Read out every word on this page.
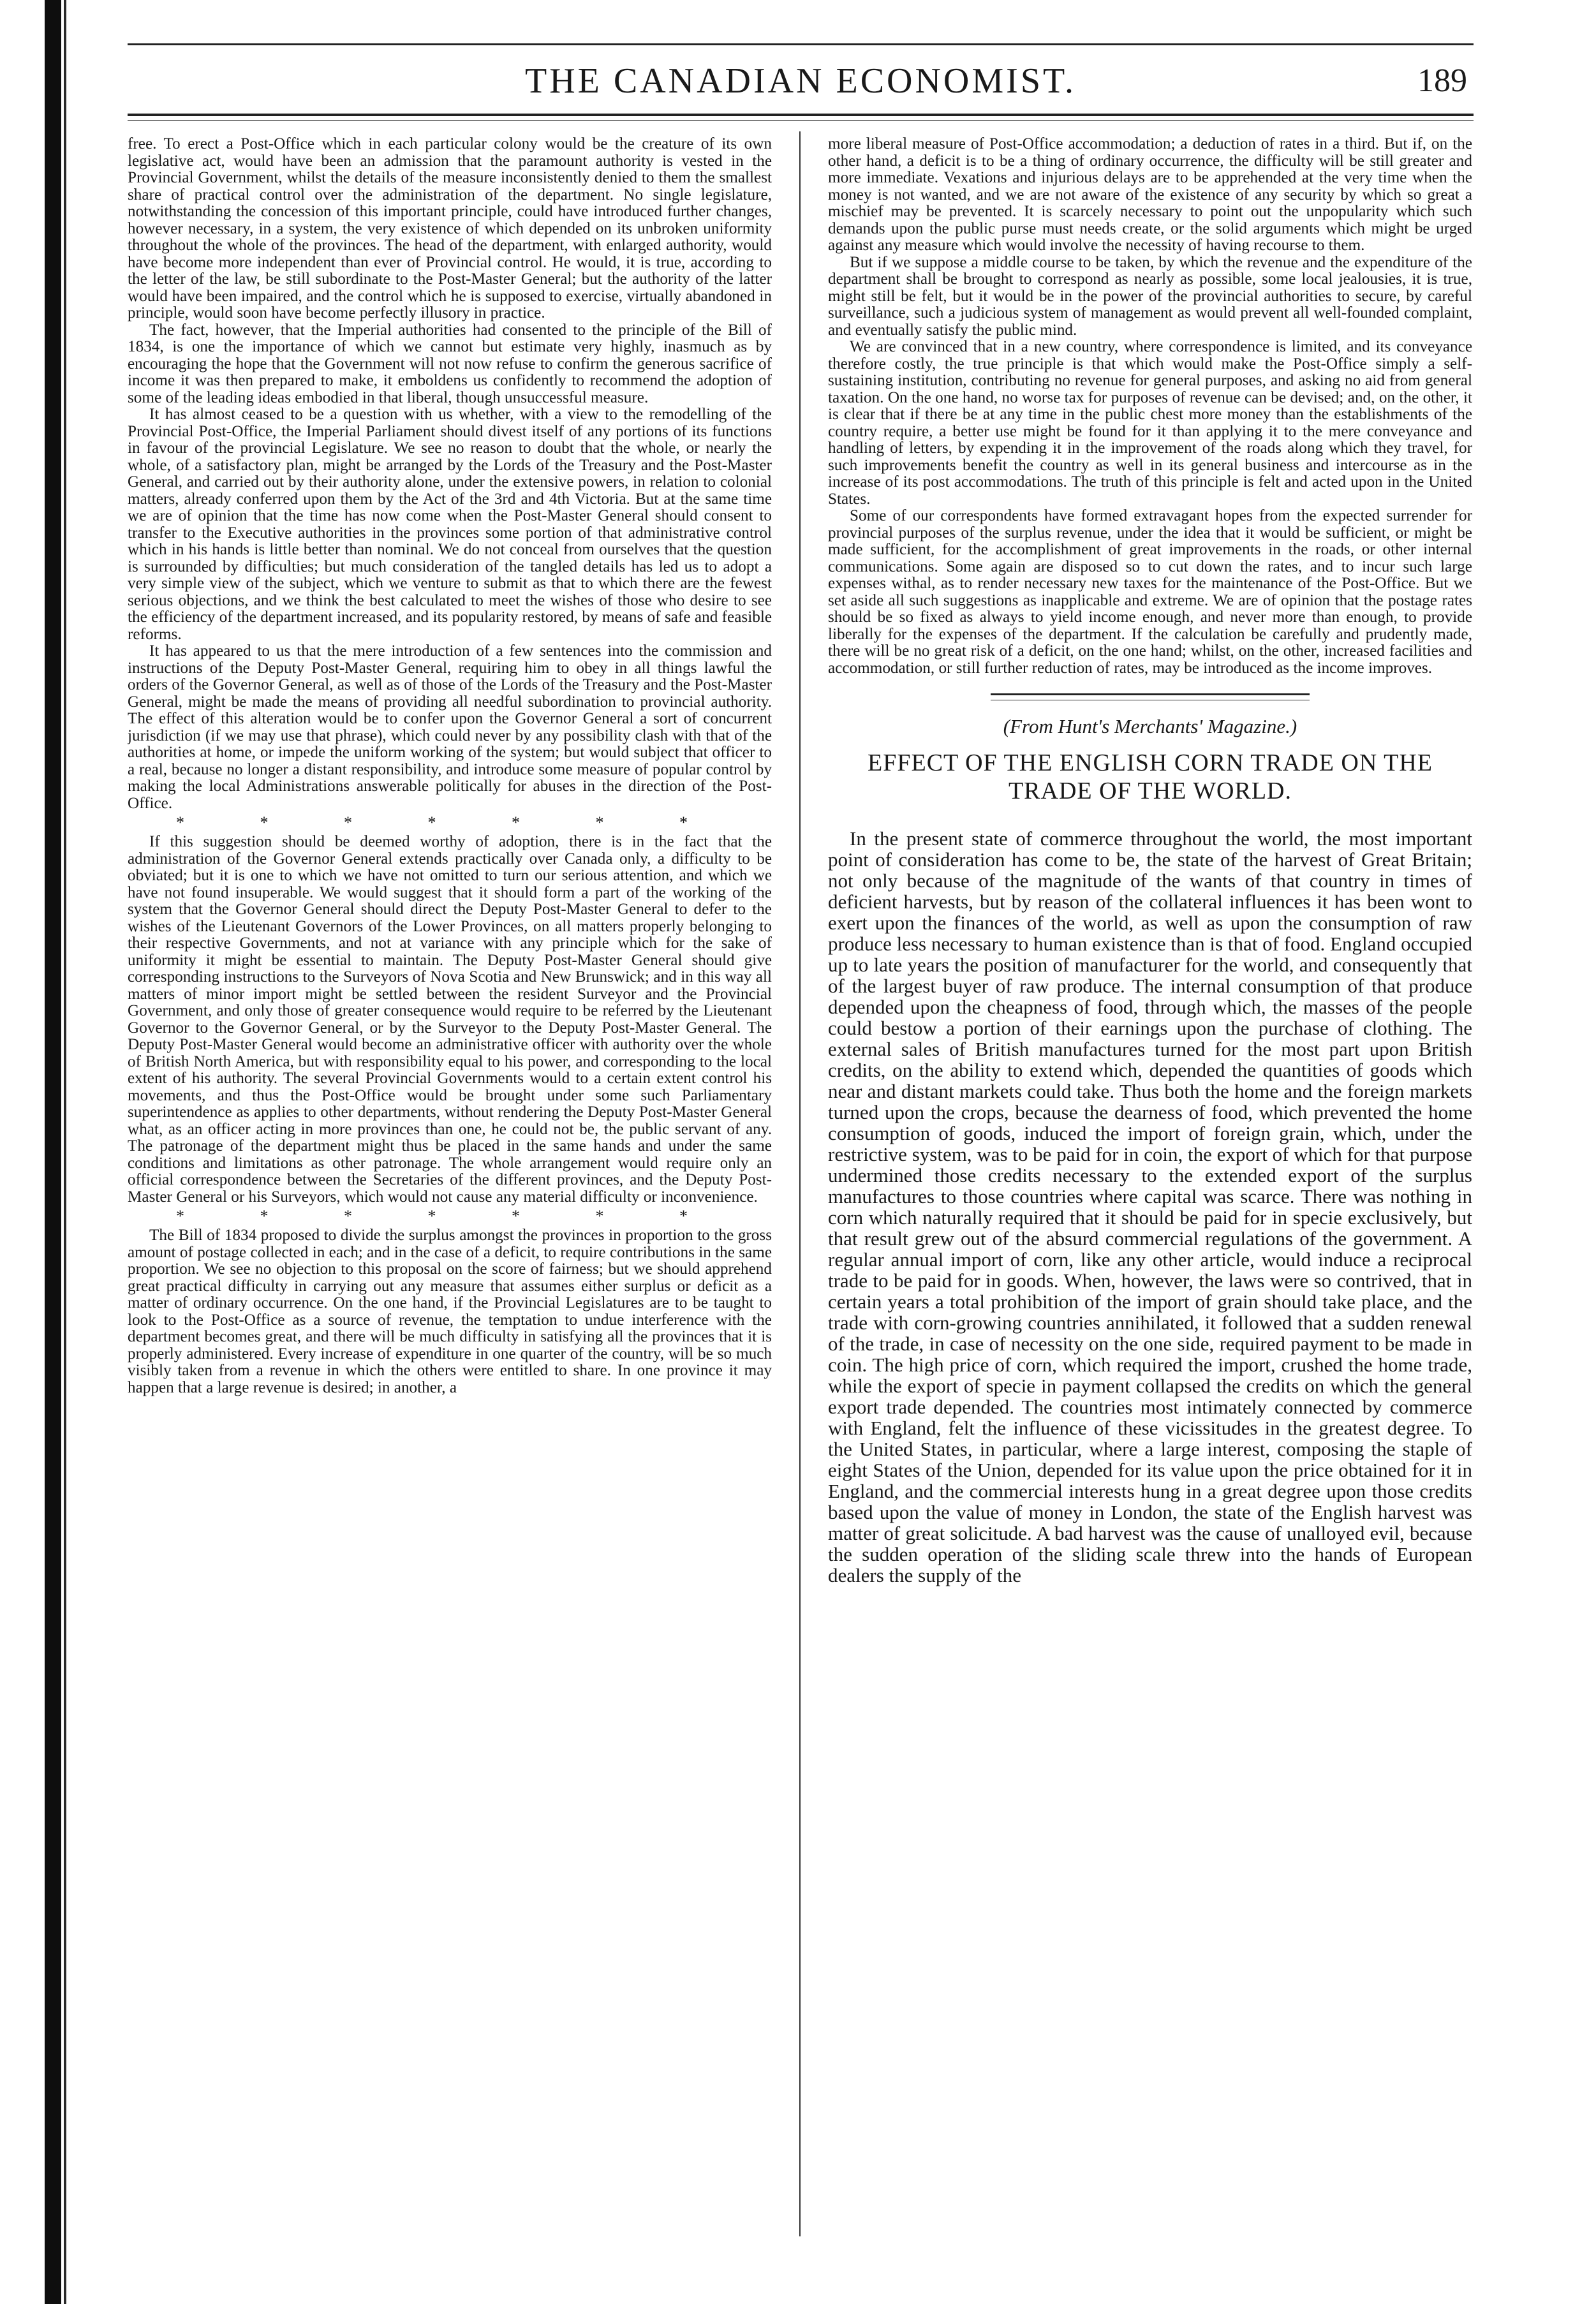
THE CANADIAN ECONOMIST.	189

free. To erect a Post-Office which in each particular colony would be the creature of its own legislative act, would have been an admission that the paramount authority is vested in the Provincial Government, whilst the details of the measure inconsistently denied to them the smallest share of practical control over the administration of the department. No single legislature, notwithstanding the concession of this important principle, could have introduced further changes, however necessary, in a system, the very existence of which depended on its unbroken uniformity throughout the whole of the provinces. The head of the department, with enlarged authority, would have become more independent than ever of Provincial control. He would, it is true, according to the letter of the law, be still subordinate to the Post-Master General; but the authority of the latter would have been impaired, and the control which he is supposed to exercise, virtually abandoned in principle, would soon have become perfectly illusory in practice.

The fact, however, that the Imperial authorities had consented to the principle of the Bill of 1834, is one the importance of which we cannot but estimate very highly, inasmuch as by encouraging the hope that the Government will not now refuse to confirm the generous sacrifice of income it was then prepared to make, it emboldens us confidently to recommend the adoption of some of the leading ideas embodied in that liberal, though unsuccessful measure.

It has almost ceased to be a question with us whether, with a view to the remodelling of the Provincial Post-Office, the Imperial Parliament should divest itself of any portions of its functions in favour of the provincial Legislature. We see no reason to doubt that the whole, or nearly the whole, of a satisfactory plan, might be arranged by the Lords of the Treasury and the Post-Master General, and carried out by their authority alone, under the extensive powers, in relation to colonial matters, already conferred upon them by the Act of the 3rd and 4th Victoria. But at the same time we are of opinion that the time has now come when the Post-Master General should consent to transfer to the Executive authorities in the provinces some portion of that administrative control which in his hands is little better than nominal. We do not conceal from ourselves that the question is surrounded by difficulties; but much consideration of the tangled details has led us to adopt a very simple view of the subject, which we venture to submit as that to which there are the fewest serious objections, and we think the best calculated to meet the wishes of those who desire to see the efficiency of the department increased, and its popularity restored, by means of safe and feasible reforms.

It has appeared to us that the mere introduction of a few sentences into the commission and instructions of the Deputy Post-Master General, requiring him to obey in all things lawful the orders of the Governor General, as well as of those of the Lords of the Treasury and the Post-Master General, might be made the means of providing all needful subordination to provincial authority. The effect of this alteration would be to confer upon the Governor General a sort of concurrent jurisdiction (if we may use that phrase), which could never by any possibility clash with that of the authorities at home, or impede the uniform working of the system; but would subject that officer to a real, because no longer a distant responsibility, and introduce some measure of popular control by making the local Administrations answerable politically for abuses in the direction of the Post-Office.

* * * * * * *

If this suggestion should be deemed worthy of adoption, there is in the fact that the administration of the Governor General extends practically over Canada only, a difficulty to be obviated; but it is one to which we have not omitted to turn our serious attention, and which we have not found insuperable. We would suggest that it should form a part of the working of the system that the Governor General should direct the Deputy Post-Master General to defer to the wishes of the Lieutenant Governors of the Lower Provinces, on all matters properly belonging to their respective Governments, and not at variance with any principle which for the sake of uniformity it might be essential to maintain. The Deputy Post-Master General should give corresponding instructions to the Surveyors of Nova Scotia and New Brunswick; and in this way all matters of minor import might be settled between the resident Surveyor and the Provincial Government, and only those of greater consequence would require to be referred by the Lieutenant Governor to the Governor General, or by the Surveyor to the Deputy Post-Master General. The Deputy Post-Master General would become an administrative officer with authority over the whole of British North America, but with responsibility equal to his power, and corresponding to the local extent of his authority. The several Provincial Governments would to a certain extent control his movements, and thus the Post-Office would be brought under some such Parliamentary superintendence as applies to other departments, without rendering the Deputy Post-Master General what, as an officer acting in more provinces than one, he could not be, the public servant of any. The patronage of the department might thus be placed in the same hands and under the same conditions and limitations as other patronage. The whole arrangement would require only an official correspondence between the Secretaries of the different provinces, and the Deputy Post-Master General or his Surveyors, which would not cause any material difficulty or inconvenience.

* * * * * * *

The Bill of 1834 proposed to divide the surplus amongst the provinces in proportion to the gross amount of postage collected in each; and in the case of a deficit, to require contributions in the same proportion. We see no objection to this proposal on the score of fairness; but we should apprehend great practical difficulty in carrying out any measure that assumes either surplus or deficit as a matter of ordinary occurrence. On the one hand, if the Provincial Legislatures are to be taught to look to the Post-Office as a source of revenue, the temptation to undue interference with the department becomes great, and there will be much difficulty in satisfying all the provinces that it is properly administered. Every increase of expenditure in one quarter of the country, will be so much visibly taken from a revenue in which the others were entitled to share. In one province it may happen that a large revenue is desired; in another, a

more liberal measure of Post-Office accommodation; a deduction of rates in a third. But if, on the other hand, a deficit is to be a thing of ordinary occurrence, the difficulty will be still greater and more immediate. Vexations and injurious delays are to be apprehended at the very time when the money is not wanted, and we are not aware of the existence of any security by which so great a mischief may be prevented. It is scarcely necessary to point out the unpopularity which such demands upon the public purse must needs create, or the solid arguments which might be urged against any measure which would involve the necessity of having recourse to them.

But if we suppose a middle course to be taken, by which the revenue and the expenditure of the department shall be brought to correspond as nearly as possible, some local jealousies, it is true, might still be felt, but it would be in the power of the provincial authorities to secure, by careful surveillance, such a judicious system of management as would prevent all well-founded complaint, and eventually satisfy the public mind.

We are convinced that in a new country, where correspondence is limited, and its conveyance therefore costly, the true principle is that which would make the Post-Office simply a self-sustaining institution, contributing no revenue for general purposes, and asking no aid from general taxation. On the one hand, no worse tax for purposes of revenue can be devised; and, on the other, it is clear that if there be at any time in the public chest more money than the establishments of the country require, a better use might be found for it than applying it to the mere conveyance and handling of letters, by expending it in the improvement of the roads along which they travel, for such improvements benefit the country as well in its general business and intercourse as in the increase of its post accommodations. The truth of this principle is felt and acted upon in the United States.

Some of our correspondents have formed extravagant hopes from the expected surrender for provincial purposes of the surplus revenue, under the idea that it would be sufficient, or might be made sufficient, for the accomplishment of great improvements in the roads, or other internal communications. Some again are disposed so to cut down the rates, and to incur such large expenses withal, as to render necessary new taxes for the maintenance of the Post-Office. But we set aside all such suggestions as inapplicable and extreme. We are of opinion that the postage rates should be so fixed as always to yield income enough, and never more than enough, to provide liberally for the expenses of the department. If the calculation be carefully and prudently made, there will be no great risk of a deficit, on the one hand; whilst, on the other, increased facilities and accommodation, or still further reduction of rates, may be introduced as the income improves.

(From Hunt's Merchants' Magazine.)
EFFECT OF THE ENGLISH CORN TRADE ON THE TRADE OF THE WORLD.

In the present state of commerce throughout the world, the most important point of consideration has come to be, the state of the harvest of Great Britain; not only because of the magnitude of the wants of that country in times of deficient harvests, but by reason of the collateral influences it has been wont to exert upon the finances of the world, as well as upon the consumption of raw produce less necessary to human existence than is that of food. England occupied up to late years the position of manufacturer for the world, and consequently that of the largest buyer of raw produce. The internal consumption of that produce depended upon the cheapness of food, through which, the masses of the people could bestow a portion of their earnings upon the purchase of clothing. The external sales of British manufactures turned for the most part upon British credits, on the ability to extend which, depended the quantities of goods which near and distant markets could take. Thus both the home and the foreign markets turned upon the crops, because the dearness of food, which prevented the home consumption of goods, induced the import of foreign grain, which, under the restrictive system, was to be paid for in coin, the export of which for that purpose undermined those credits necessary to the extended export of the surplus manufactures to those countries where capital was scarce. There was nothing in corn which naturally required that it should be paid for in specie exclusively, but that result grew out of the absurd commercial regulations of the government. A regular annual import of corn, like any other article, would induce a reciprocal trade to be paid for in goods. When, however, the laws were so contrived, that in certain years a total prohibition of the import of grain should take place, and the trade with corn-growing countries annihilated, it followed that a sudden renewal of the trade, in case of necessity on the one side, required payment to be made in coin. The high price of corn, which required the import, crushed the home trade, while the export of specie in payment collapsed the credits on which the general export trade depended. The countries most intimately connected by commerce with England, felt the influence of these vicissitudes in the greatest degree. To the United States, in particular, where a large interest, composing the staple of eight States of the Union, depended for its value upon the price obtained for it in England, and the commercial interests hung in a great degree upon those credits based upon the value of money in London, the state of the English harvest was matter of great solicitude. A bad harvest was the cause of unalloyed evil, because the sudden operation of the sliding scale threw into the hands of European dealers the supply of the
